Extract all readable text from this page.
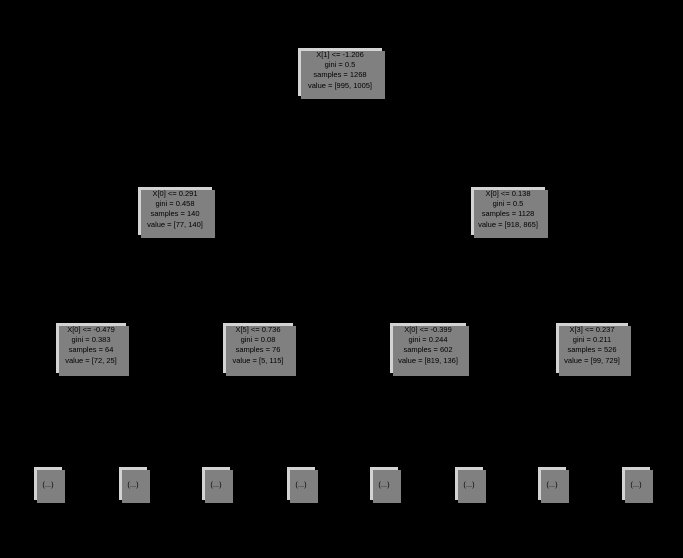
X[1] <= -1.206
gini = 0.5
samples = 1268
value = [995, 1005]
X[0] <= 0.291
gini = 0.458
samples = 140
value = [77, 140]
X[0] <= 0.138
gini = 0.5
samples = 1128
value = [918, 865]
X[0] <= -0.479
gini = 0.383
samples = 64
value = [72, 25]
X[5] <= 0.736
gini = 0.08
samples = 76
value = [5, 115]
X[0] <= -0.399
gini = 0.244
samples = 602
value = [819, 136]
X[3] <= 0.237
gini = 0.211
samples = 526
value = [99, 729]
(...)	(...)	(...)	(...)	(...)	(...)	(...)	(...)
